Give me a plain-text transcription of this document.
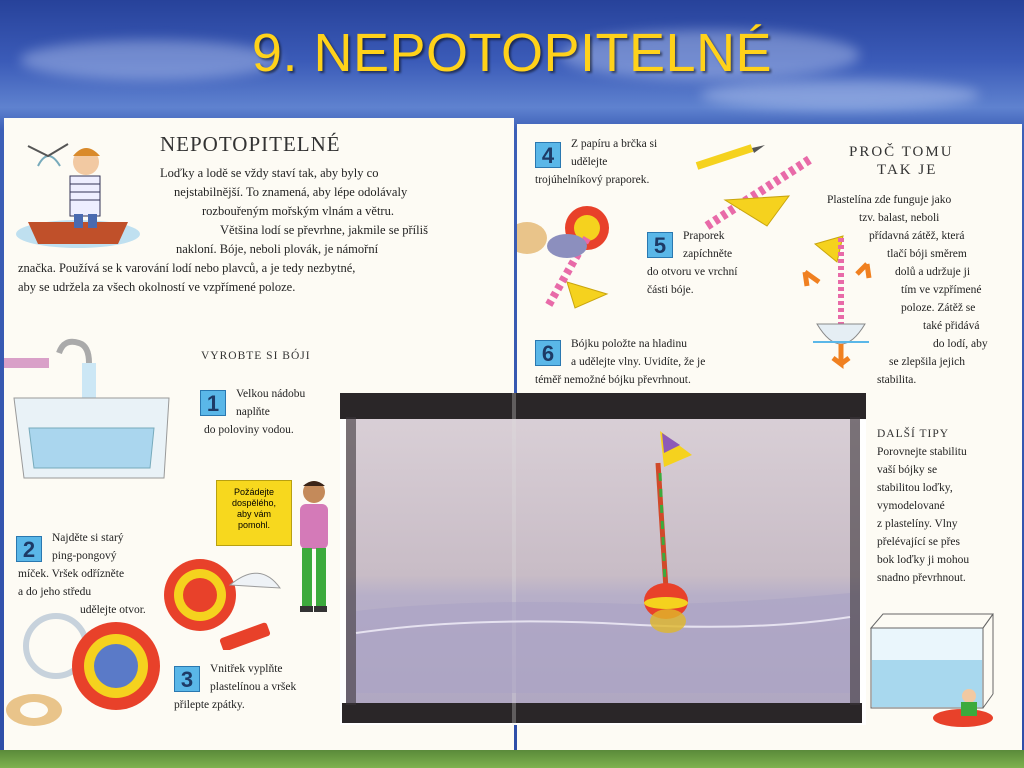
9. NEPOTOPITELNÉ
NEPOTOPITELNÉ
Loďky a lodě se vždy staví tak, aby byly co
nejstabilnější. To znamená, aby lépe odolávaly
rozbouřeným mořským vlnám a větru.
Většina lodí se převrhne, jakmile se příliš
nakloní. Bóje, neboli plovák, je námořní
značka. Používá se k varování lodí nebo plavců, a je tedy nezbytné,
aby se udržela za všech okolností ve vzpřímené poloze.
VYROBTE SI BÓJI
1	Velkou nádobu
naplňte
do poloviny vodou.
Požádejte
dospělého,
aby vám
pomohl.
2	Najděte si starý
ping-pongový
míček. Vršek odřízněte
a do jeho středu
udělejte otvor.
3	Vnitřek vyplňte
plastelínou a vršek
přilepte zpátky.
4	Z papíru a brčka si
udělejte
trojúhelníkový praporek.
5	Praporek
zapíchněte
do otvoru ve vrchní
části bóje.
6	Bójku položte na hladinu
a udělejte vlny. Uvidíte, že je
téměř nemožné bójku převrhnout.
PROČ TOMU
TAK JE
Plastelína zde funguje jako
tzv. balast, neboli
přídavná zátěž, která
tlačí bóji směrem
dolů a udržuje ji
tím ve vzpřímené
poloze. Zátěž se
také přidává
do lodí, aby
se zlepšila jejich
stabilita.
DALŠÍ TIPY
Porovnejte stabilitu
vaší bójky se
stabilitou loďky,
vymodelované
z plastelíny. Vlny
přelévající se přes
bok loďky ji mohou
snadno převrhnout.
